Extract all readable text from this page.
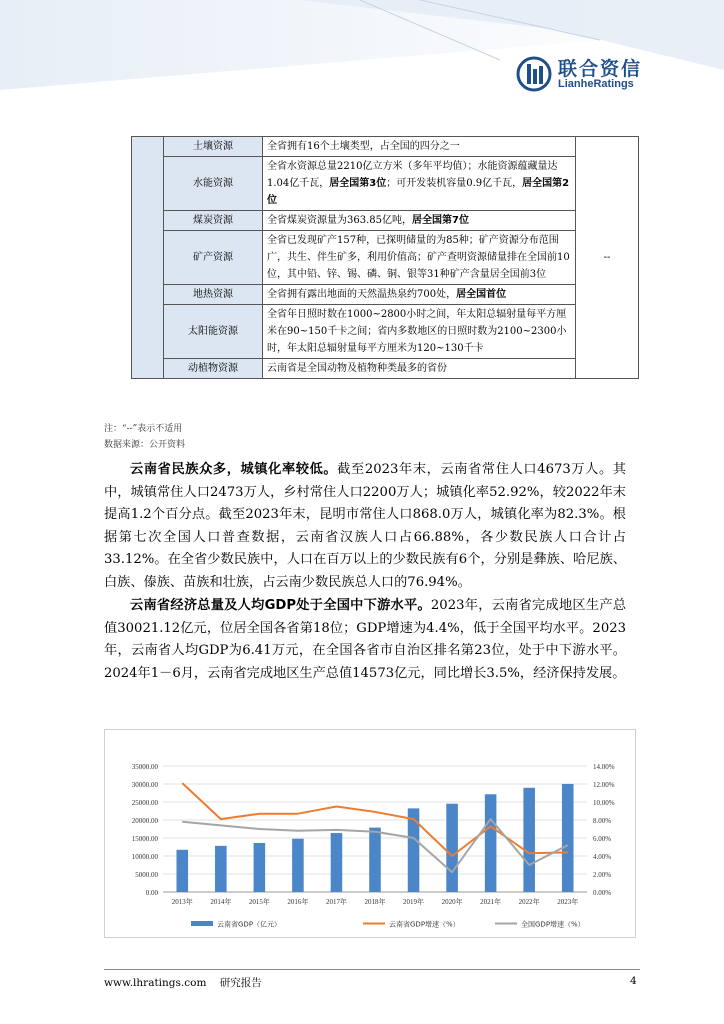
联合资信
LianheRatings
	土壤资源	全省拥有16个土壤类型，占全国的四分之一	--
	水能资源	全省水资源总量2210亿立方米（多年平均值）；水能资源蕴藏量达1.04亿千瓦，居全国第3位；可开发装机容量0.9亿千瓦，居全国第2位	
	煤炭资源	全省煤炭资源量为363.85亿吨，居全国第7位	
	矿产资源	全省已发现矿产157种，已探明储量的为85种；矿产资源分布范围广，共生、伴生矿多，利用价值高；矿产查明资源储量排在全国前10位，其中铅、锌、锡、磷、铜、银等31种矿产含量居全国前3位	
	地热资源	全省拥有露出地面的天然温热泉约700处，居全国首位	
	太阳能资源	全省年日照时数在1000~2800小时之间，年太阳总辐射量每平方厘米在90~150千卡之间；省内多数地区的日照时数为2100~2300小时，年太阳总辐射量每平方厘米为120~130千卡	
	动植物资源	云南省是全国动物及植物种类最多的省份	
注：“--”表示不适用
数据来源：公开资料

云南省民族众多，城镇化率较低。截至2023年末，云南省常住人口4673万人。其中，城镇常住人口2473万人，乡村常住人口2200万人；城镇化率52.92%，较2022年末提高1.2个百分点。截至2023年末，昆明市常住人口868.0万人，城镇化率为82.3%。根据第七次全国人口普查数据，云南省汉族人口占66.88%，各少数民族人口合计占33.12%。在全省少数民族中，人口在百万以上的少数民族有6个，分别是彝族、哈尼族、白族、傣族、苗族和壮族，占云南少数民族总人口的76.94%。

云南省经济总量及人均GDP处于全国中下游水平。2023年，云南省完成地区生产总值30021.12亿元，位居全国各省第18位；GDP增速为4.4%，低于全国平均水平。2023年，云南省人均GDP为6.41万元，在全国各省市自治区排名第23位，处于中下游水平。2024年1－6月，云南省完成地区生产总值14573亿元，同比增长3.5%，经济保持发展。

0.00
5000.00
10000.00
15000.00
20000.00
25000.00
30000.00
35000.00
0.00%
2.00%
4.00%
6.00%
8.00%
10.00%
12.00%
14.00%
2013年	2014年	2015年	2016年	2017年	2018年	2019年	2020年	2021年	2022年	2023年
云南省GDP（亿元）	云南省GDP增速（%）	全国GDP增速（%）
www.lhratings.com 研究报告	4
